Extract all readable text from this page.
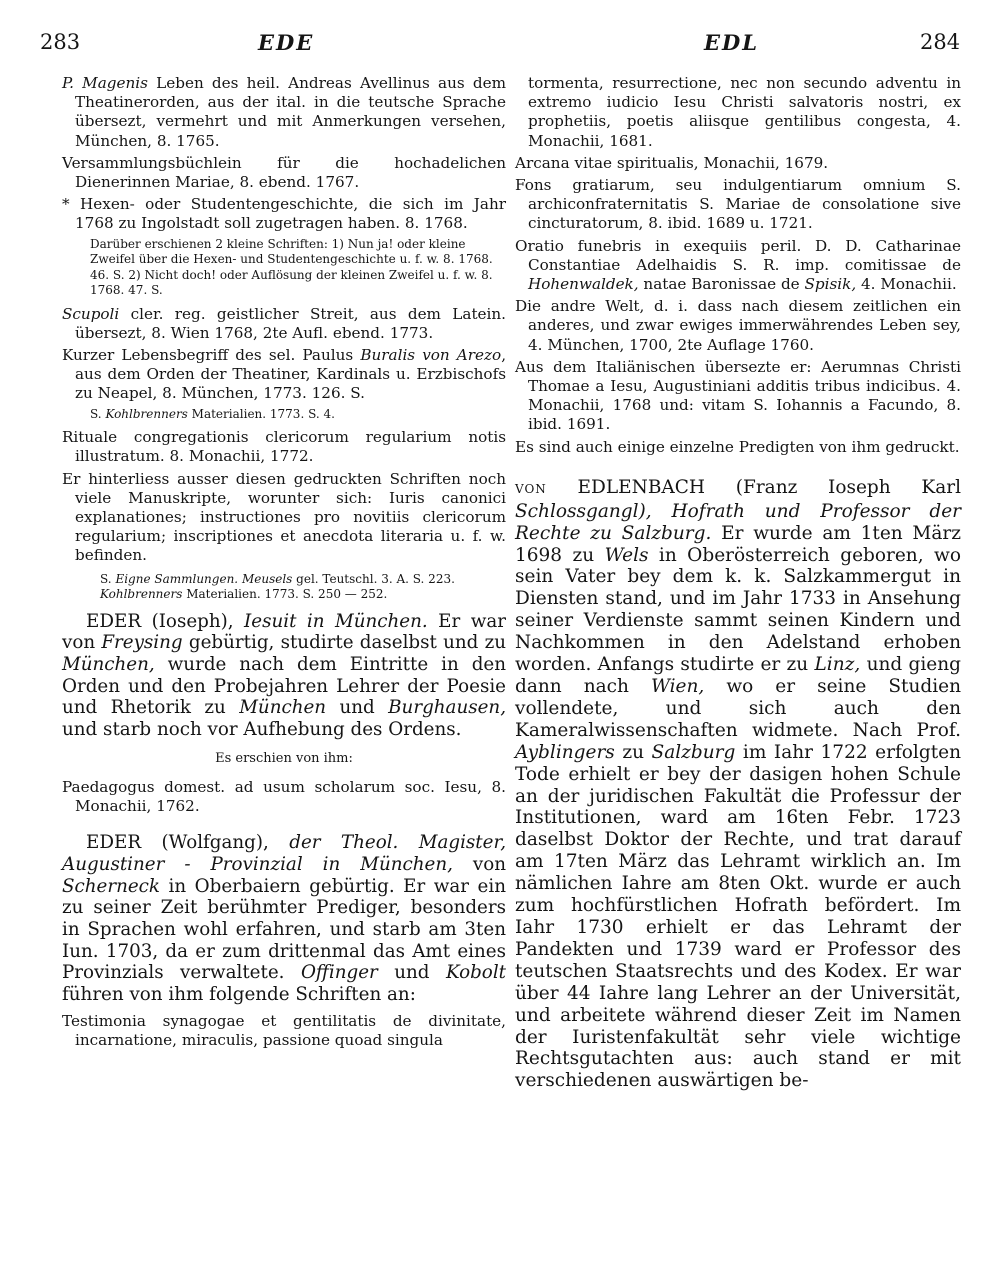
283	EDE	EDL	284

P. Magenis Leben des heil. Andreas Avellinus aus dem Theatinerorden, aus der ital. in die teutsche Sprache übersezt, vermehrt und mit Anmerkungen versehen, München, 8. 1765.

Versammlungsbüchlein für die hochadelichen Dienerinnen Mariae, 8. ebend. 1767.

* Hexen- oder Studentengeschichte, die sich im Jahr 1768 zu Ingolstadt soll zugetragen haben. 8. 1768.

Darüber erschienen 2 kleine Schriften: 1) Nun ja! oder kleine Zweifel über die Hexen- und Studentengeschichte u. f. w. 8. 1768. 46. S. 2) Nicht doch! oder Auflösung der kleinen Zweifel u. f. w. 8. 1768. 47. S.

Scupoli cler. reg. geistlicher Streit, aus dem Latein. übersezt, 8. Wien 1768, 2te Aufl. ebend. 1773.

Kurzer Lebensbegriff des sel. Paulus Buralis von Arezo, aus dem Orden der Theatiner, Kardinals u. Erzbischofs zu Neapel, 8. München, 1773. 126. S.

S. Kohlbrenners Materialien. 1773. S. 4.

Rituale congregationis clericorum regularium notis illustratum. 8. Monachii, 1772.

Er hinterliess ausser diesen gedruckten Schriften noch viele Manuskripte, worunter sich: Iuris canonici explanationes; instructiones pro novitiis clericorum regularium; inscriptiones et anecdota literaria u. f. w. befinden.

S. Eigne Sammlungen. Meusels gel. Teutschl. 3. A. S. 223. Kohlbrenners Materialien. 1773. S. 250 — 252.

EDER (Ioseph), Iesuit in München. Er war von Freysing gebürtig, studirte daselbst und zu München, wurde nach dem Eintritte in den Orden und den Probejahren Lehrer der Poesie und Rhetorik zu München und Burghausen, und starb noch vor Aufhebung des Ordens.

Es erschien von ihm:

Paedagogus domest. ad usum scholarum soc. Iesu, 8. Monachii, 1762.

EDER (Wolfgang), der Theol. Magister, Augustiner - Provinzial in München, von Scherneck in Oberbaiern gebürtig. Er war ein zu seiner Zeit berühmter Prediger, besonders in Sprachen wohl erfahren, und starb am 3ten Iun. 1703, da er zum drittenmal das Amt eines Provinzials verwaltete. Offinger und Kobolt führen von ihm folgende Schriften an:

Testimonia synagogae et gentilitatis de divinitate, incarnatione, miraculis, passione quoad singula

tormenta, resurrectione, nec non secundo adventu in extremo iudicio Iesu Christi salvatoris nostri, ex prophetiis, poetis aliisque gentilibus congesta, 4. Monachii, 1681.

Arcana vitae spiritualis, Monachii, 1679.

Fons gratiarum, seu indulgentiarum omnium S. archiconfraternitatis S. Mariae de consolatione sive cincturatorum, 8. ibid. 1689 u. 1721.

Oratio funebris in exequiis peril. D. D. Catharinae Constantiae Adelhaidis S. R. imp. comitissae de Hohenwaldek, natae Baronissae de Spisik, 4. Monachii.

Die andre Welt, d. i. dass nach diesem zeitlichen ein anderes, und zwar ewiges immerwährendes Leben sey, 4. München, 1700, 2te Auflage 1760.

Aus dem Italiänischen übersezte er: Aerumnas Christi Thomae a Iesu, Augustiniani additis tribus indicibus. 4. Monachii, 1768 und: vitam S. Iohannis a Facundo, 8. ibid. 1691.

Es sind auch einige einzelne Predigten von ihm gedruckt.

VON EDLENBACH (Franz Ioseph Karl Schlossgangl), Hofrath und Professor der Rechte zu Salzburg. Er wurde am 1ten März 1698 zu Wels in Oberösterreich geboren, wo sein Vater bey dem k. k. Salzkammergut in Diensten stand, und im Jahr 1733 in Ansehung seiner Verdienste sammt seinen Kindern und Nachkommen in den Adelstand erhoben worden. Anfangs studirte er zu Linz, und gieng dann nach Wien, wo er seine Studien vollendete, und sich auch den Kameralwissenschaften widmete. Nach Prof. Ayblingers zu Salzburg im Iahr 1722 erfolgten Tode erhielt er bey der dasigen hohen Schule an der juridischen Fakultät die Professur der Institutionen, ward am 16ten Febr. 1723 daselbst Doktor der Rechte, und trat darauf am 17ten März das Lehramt wirklich an. Im nämlichen Iahre am 8ten Okt. wurde er auch zum hochfürstlichen Hofrath befördert. Im Iahr 1730 erhielt er das Lehramt der Pandekten und 1739 ward er Professor des teutschen Staatsrechts und des Kodex. Er war über 44 Iahre lang Lehrer an der Universität, und arbeitete während dieser Zeit im Namen der Iuristenfakultät sehr viele wichtige Rechtsgutachten aus: auch stand er mit verschiedenen auswärtigen be-
